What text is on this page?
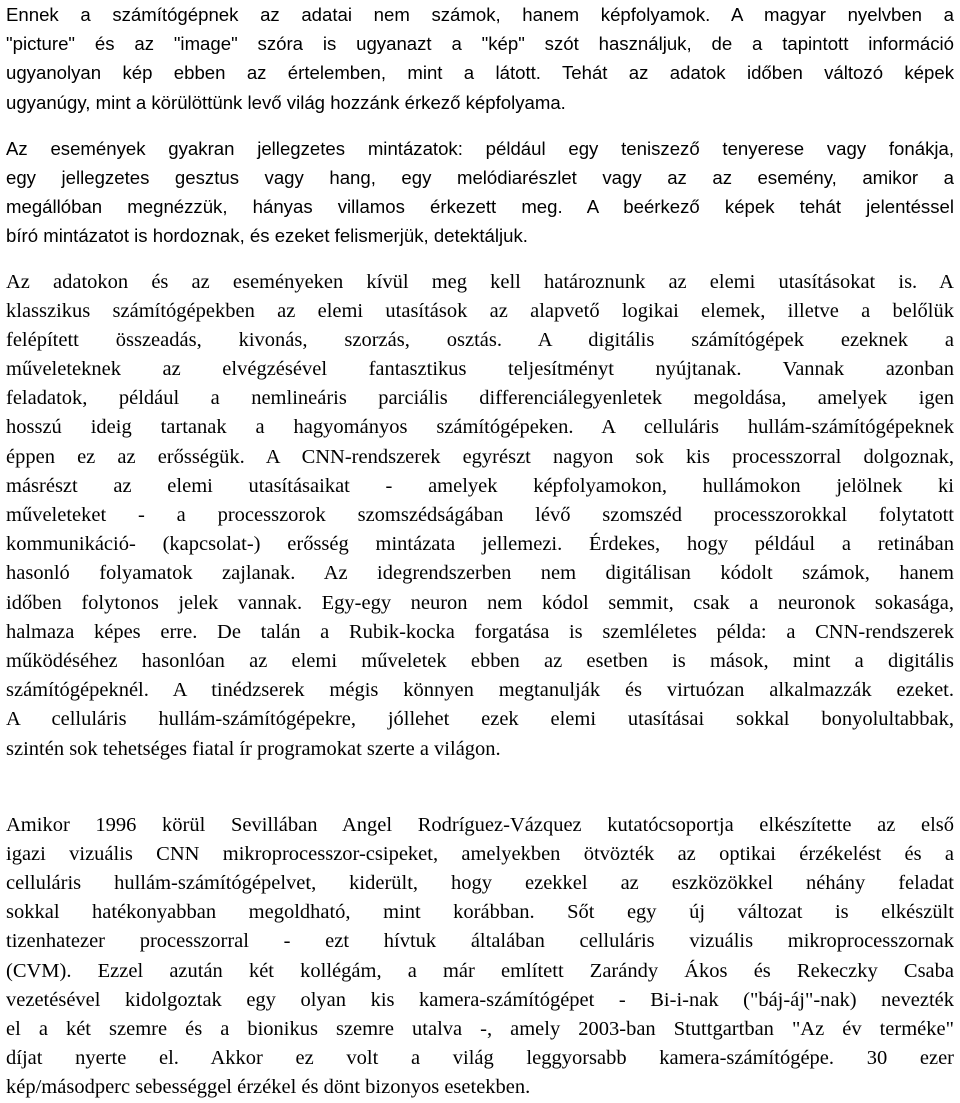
Ennek a számítógépnek az adatai nem számok, hanem képfolyamok. A magyar nyelvben a
"picture" és az "image" szóra is ugyanazt a "kép" szót használjuk, de a tapintott információ
ugyanolyan kép ebben az értelemben, mint a látott. Tehát az adatok időben változó képek
ugyanúgy, mint a körülöttünk levő világ hozzánk érkező képfolyama.
Az események gyakran jellegzetes mintázatok: például egy teniszező tenyerese vagy fonákja,
egy jellegzetes gesztus vagy hang, egy melódiarészlet vagy az az esemény, amikor a
megállóban megnézzük, hányas villamos érkezett meg. A beérkező képek tehát jelentéssel
bíró mintázatot is hordoznak, és ezeket felismerjük, detektáljuk.
Az adatokon és az eseményeken kívül meg kell határoznunk az elemi utasításokat is. A
klasszikus számítógépekben az elemi utasítások az alapvető logikai elemek, illetve a belőlük
felépített összeadás, kivonás, szorzás, osztás. A digitális számítógépek ezeknek a
műveleteknek az elvégzésével fantasztikus teljesítményt nyújtanak. Vannak azonban
feladatok, például a nemlineáris parciális differenciálegyenletek megoldása, amelyek igen
hosszú ideig tartanak a hagyományos számítógépeken. A celluláris hullám-számítógépeknek
éppen ez az erősségük. A CNN-rendszerek egyrészt nagyon sok kis processzorral dolgoznak,
másrészt az elemi utasításaikat - amelyek képfolyamokon, hullámokon jelölnek ki
műveleteket - a processzorok szomszédságában lévő szomszéd processzorokkal folytatott
kommunikáció- (kapcsolat-) erősség mintázata jellemezi. Érdekes, hogy például a retinában
hasonló folyamatok zajlanak. Az idegrendszerben nem digitálisan kódolt számok, hanem
időben folytonos jelek vannak. Egy-egy neuron nem kódol semmit, csak a neuronok sokasága,
halmaza képes erre. De talán a Rubik-kocka forgatása is szemléletes példa: a CNN-rendszerek
működéséhez hasonlóan az elemi műveletek ebben az esetben is mások, mint a digitális
számítógépeknél. A tinédzserek mégis könnyen megtanulják és virtuózan alkalmazzák ezeket.
A celluláris hullám-számítógépekre, jóllehet ezek elemi utasításai sokkal bonyolultabbak,
szintén sok tehetséges fiatal ír programokat szerte a világon.
Amikor 1996 körül Sevillában Angel Rodríguez-Vázquez kutatócsoportja elkészítette az első
igazi vizuális CNN mikroprocesszor-csipeket, amelyekben ötvözték az optikai érzékelést és a
celluláris hullám-számítógépelvet, kiderült, hogy ezekkel az eszközökkel néhány feladat
sokkal hatékonyabban megoldható, mint korábban. Sőt egy új változat is elkészült
tizenhatezer processzorral - ezt hívtuk általában celluláris vizuális mikroprocesszornak
(CVM). Ezzel azután két kollégám, a már említett Zarándy Ákos és Rekeczky Csaba
vezetésével kidolgoztak egy olyan kis kamera-számítógépet - Bi-i-nak ("báj-áj"-nak) nevezték
el a két szemre és a bionikus szemre utalva -, amely 2003-ban Stuttgartban "Az év terméke"
díjat nyerte el. Akkor ez volt a világ leggyorsabb kamera-számítógépe. 30 ezer
kép/másodperc sebességgel érzékel és dönt bizonyos esetekben.
